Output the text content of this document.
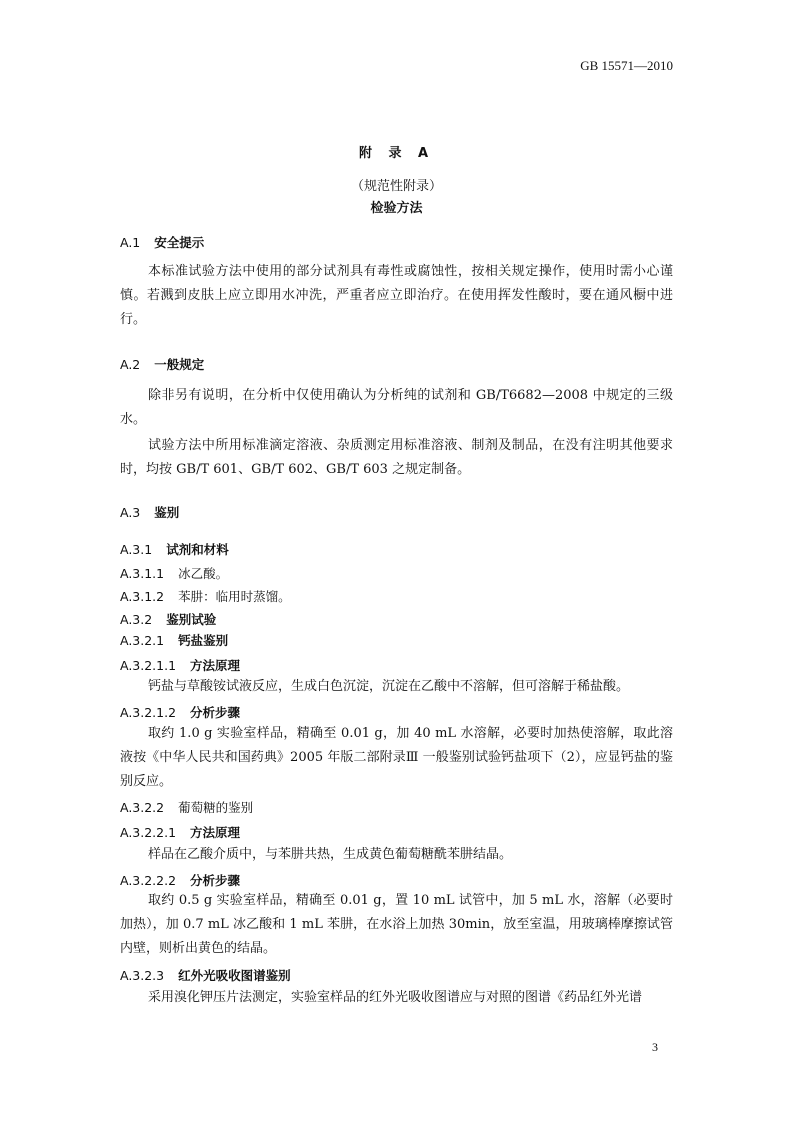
GB 15571—2010
附 录 A
（规范性附录）
检验方法
A.1 安全提示
本标准试验方法中使用的部分试剂具有毒性或腐蚀性，按相关规定操作，使用时需小心谨慎。若溅到皮肤上应立即用水冲洗，严重者应立即治疗。在使用挥发性酸时，要在通风橱中进行。
A.2 一般规定
除非另有说明，在分析中仅使用确认为分析纯的试剂和 GB/T6682—2008 中规定的三级水。
试验方法中所用标准滴定溶液、杂质测定用标准溶液、制剂及制品，在没有注明其他要求时，均按 GB/T 601、GB/T 602、GB/T 603 之规定制备。
A.3 鉴别
A.3.1 试剂和材料
A.3.1.1 冰乙酸。
A.3.1.2 苯肼：临用时蒸馏。
A.3.2 鉴别试验
A.3.2.1 钙盐鉴别
A.3.2.1.1 方法原理
钙盐与草酸铵试液反应，生成白色沉淀，沉淀在乙酸中不溶解，但可溶解于稀盐酸。
A.3.2.1.2 分析步骤
取约 1.0 g 实验室样品，精确至 0.01 g，加 40 mL 水溶解，必要时加热使溶解，取此溶液按《中华人民共和国药典》2005 年版二部附录Ⅲ 一般鉴别试验钙盐项下（2），应显钙盐的鉴别反应。
A.3.2.2 葡萄糖的鉴别
A.3.2.2.1 方法原理
样品在乙酸介质中，与苯肼共热，生成黄色葡萄糖酰苯肼结晶。
A.3.2.2.2 分析步骤
取约 0.5 g 实验室样品，精确至 0.01 g，置 10 mL 试管中，加 5 mL 水，溶解（必要时加热），加 0.7 mL 冰乙酸和 1 mL 苯肼，在水浴上加热 30min，放至室温，用玻璃棒摩擦试管内壁，则析出黄色的结晶。
A.3.2.3 红外光吸收图谱鉴别
采用溴化钾压片法测定，实验室样品的红外光吸收图谱应与对照的图谱《药品红外光谱
3
